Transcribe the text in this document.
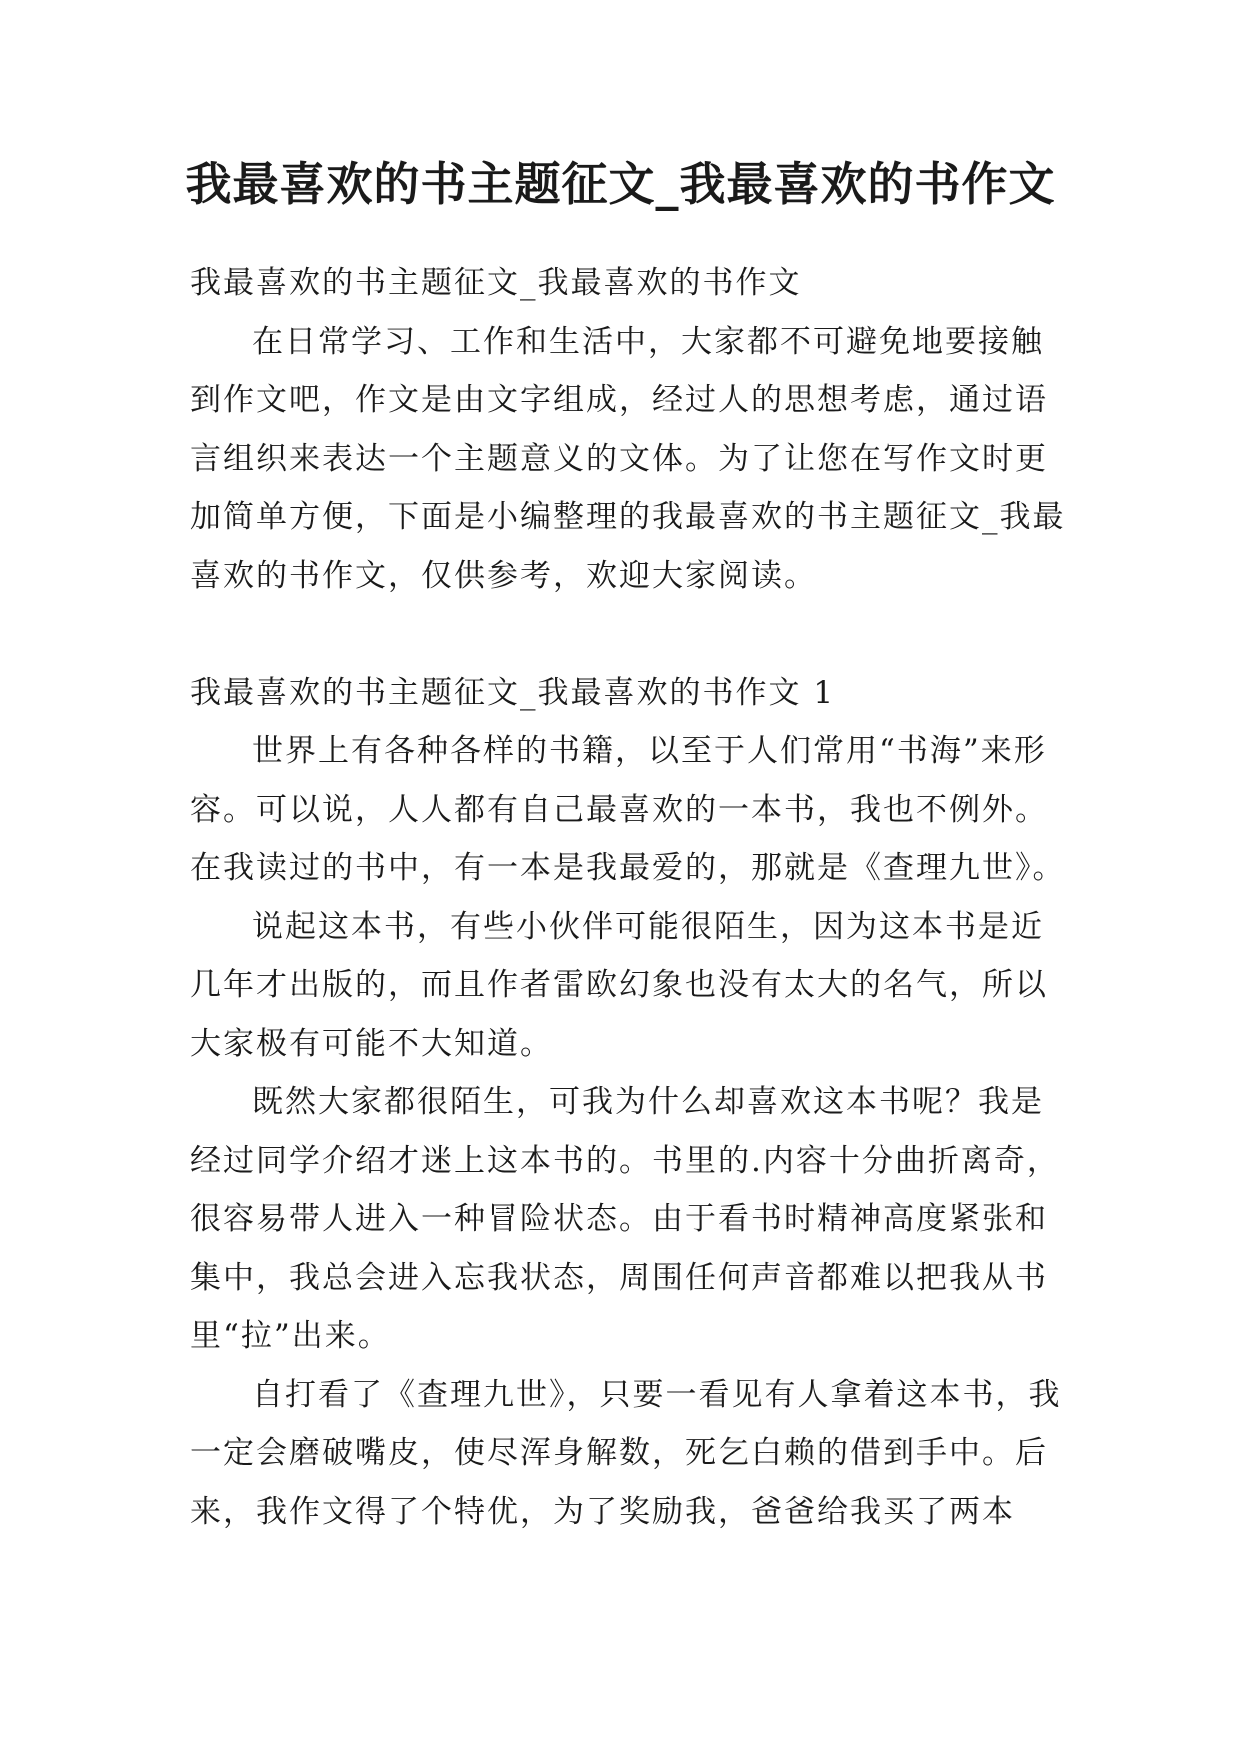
我最喜欢的书主题征文_我最喜欢的书作文

我最喜欢的书主题征文_我最喜欢的书作文

在日常学习、工作和生活中，大家都不可避免地要接触到作文吧，作文是由文字组成，经过人的思想考虑，通过语言组织来表达一个主题意义的文体。为了让您在写作文时更加简单方便，下面是小编整理的我最喜欢的书主题征文_我最喜欢的书作文，仅供参考，欢迎大家阅读。

我最喜欢的书主题征文_我最喜欢的书作文 1

世界上有各种各样的书籍，以至于人们常用“书海”来形容。可以说，人人都有自己最喜欢的一本书，我也不例外。在我读过的书中，有一本是我最爱的，那就是《查理九世》。

说起这本书，有些小伙伴可能很陌生，因为这本书是近几年才出版的，而且作者雷欧幻象也没有太大的名气，所以大家极有可能不大知道。

既然大家都很陌生，可我为什么却喜欢这本书呢？我是经过同学介绍才迷上这本书的。书里的.内容十分曲折离奇，很容易带人进入一种冒险状态。由于看书时精神高度紧张和集中，我总会进入忘我状态，周围任何声音都难以把我从书里“拉”出来。

自打看了《查理九世》，只要一看见有人拿着这本书，我一定会磨破嘴皮，使尽浑身解数，死乞白赖的借到手中。后来，我作文得了个特优，为了奖励我，爸爸给我买了两本
